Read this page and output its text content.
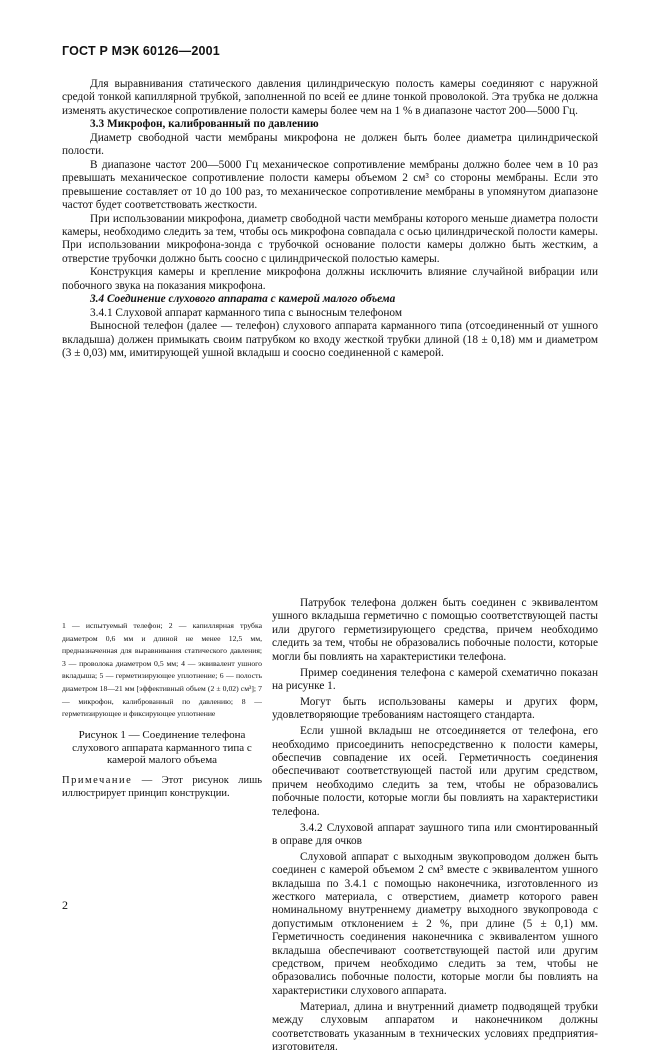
ГОСТ Р МЭК 60126—2001

Для выравнивания статического давления цилиндрическую полость камеры соединяют с наружной средой тонкой капиллярной трубкой, заполненной по всей ее длине тонкой проволокой. Эта трубка не должна изменять акустическое сопротивление полости камеры более чем на 1 % в диапазоне частот 200—5000 Гц.

3.3 Микрофон, калиброванный по давлению

Диаметр свободной части мембраны микрофона не должен быть более диаметра цилиндрической полости.

В диапазоне частот 200—5000 Гц механическое сопротивление мембраны должно более чем в 10 раз превышать механическое сопротивление полости камеры объемом 2 см³ со стороны мембраны. Если это превышение составляет от 10 до 100 раз, то механическое сопротивление мембраны в упомянутом диапазоне частот будет соответствовать жесткости.

При использовании микрофона, диаметр свободной части мембраны которого меньше диаметра полости камеры, необходимо следить за тем, чтобы ось микрофона совпадала с осью цилиндрической полости камеры. При использовании микрофона-зонда с трубочкой основание полости камеры должно быть жестким, а отверстие трубочки должно быть соосно с цилиндрической полостью камеры.

Конструкция камеры и крепление микрофона должны исключить влияние случайной вибрации или побочного звука на показания микрофона.

3.4 Соединение слухового аппарата с камерой малого объема

3.4.1 Слуховой аппарат карманного типа с выносным телефоном

Выносной телефон (далее — телефон) слухового аппарата карманного типа (отсоединенный от ушного вкладыша) должен примыкать своим патрубком ко входу жесткой трубки длиной (18 ± 0,18) мм и диаметром (3 ± 0,03) мм, имитирующей ушной вкладыш и соосно соединенной с камерой.

1 — испытуемый телефон; 2 — капиллярная трубка диаметром 0,6 мм и длиной не менее 12,5 мм, предназначенная для выравнивания статического давления; 3 — проволока диаметром 0,5 мм; 4 — эквивалент ушного вкладыша; 5 — герметизирующее уплотнение; 6 — полость диаметром 18—21 мм [эффективный объем (2 ± 0,02) см³]; 7 — микрофон, калиброванный по давлению; 8 — герметизирующее и фиксирующее уплотнение

Патрубок телефона должен быть соединен с эквивалентом ушного вкладыша герметично с помощью соответствующей пасты или другого герметизирующего средства, причем необходимо следить за тем, чтобы не образовались побочные полости, которые могли бы повлиять на характеристики телефона.

Пример соединения телефона с камерой схематично показан на рисунке 1.

Могут быть использованы камеры и других форм, удовлетворяющие требованиям настоящего стандарта.

Если ушной вкладыш не отсоединяется от телефона, его необходимо присоединить непосредственно к полости камеры, обеспечив совпадение их осей. Герметичность соединения обеспечивают соответствующей пастой или другим средством, причем необходимо следить за тем, чтобы не образовались побочные полости, которые могли бы повлиять на характеристики телефона.

3.4.2 Слуховой аппарат заушного типа или смонтированный в оправе для очков

Слуховой аппарат с выходным звукопроводом должен быть соединен с камерой объемом 2 см³ вместе с эквивалентом ушного вкладыша по 3.4.1 с помощью наконечника, изготовленного из жесткого материала, с отверстием, диаметр которого равен номинальному внутреннему диаметру выходного звукопровода с допустимым отклонением ± 2 %, при длине (5 ± 0,1) мм. Герметичность соединения наконечника с эквивалентом ушного вкладыша обеспечивают соответствующей пастой или другим средством, причем необходимо следить за тем, чтобы не образовались побочные полости, которые могли бы повлиять на характеристики слухового аппарата.

Материал, длина и внутренний диаметр подводящей трубки между слуховым аппаратом и наконечником должны соответствовать указанным в технических условиях предприятия-изготовителя.

Рисунок 1 — Соединение телефона слухового аппарата карманного типа с камерой малого объема
Примечание — Этот рисунок лишь иллюстрирует принцип конструкции.
2
